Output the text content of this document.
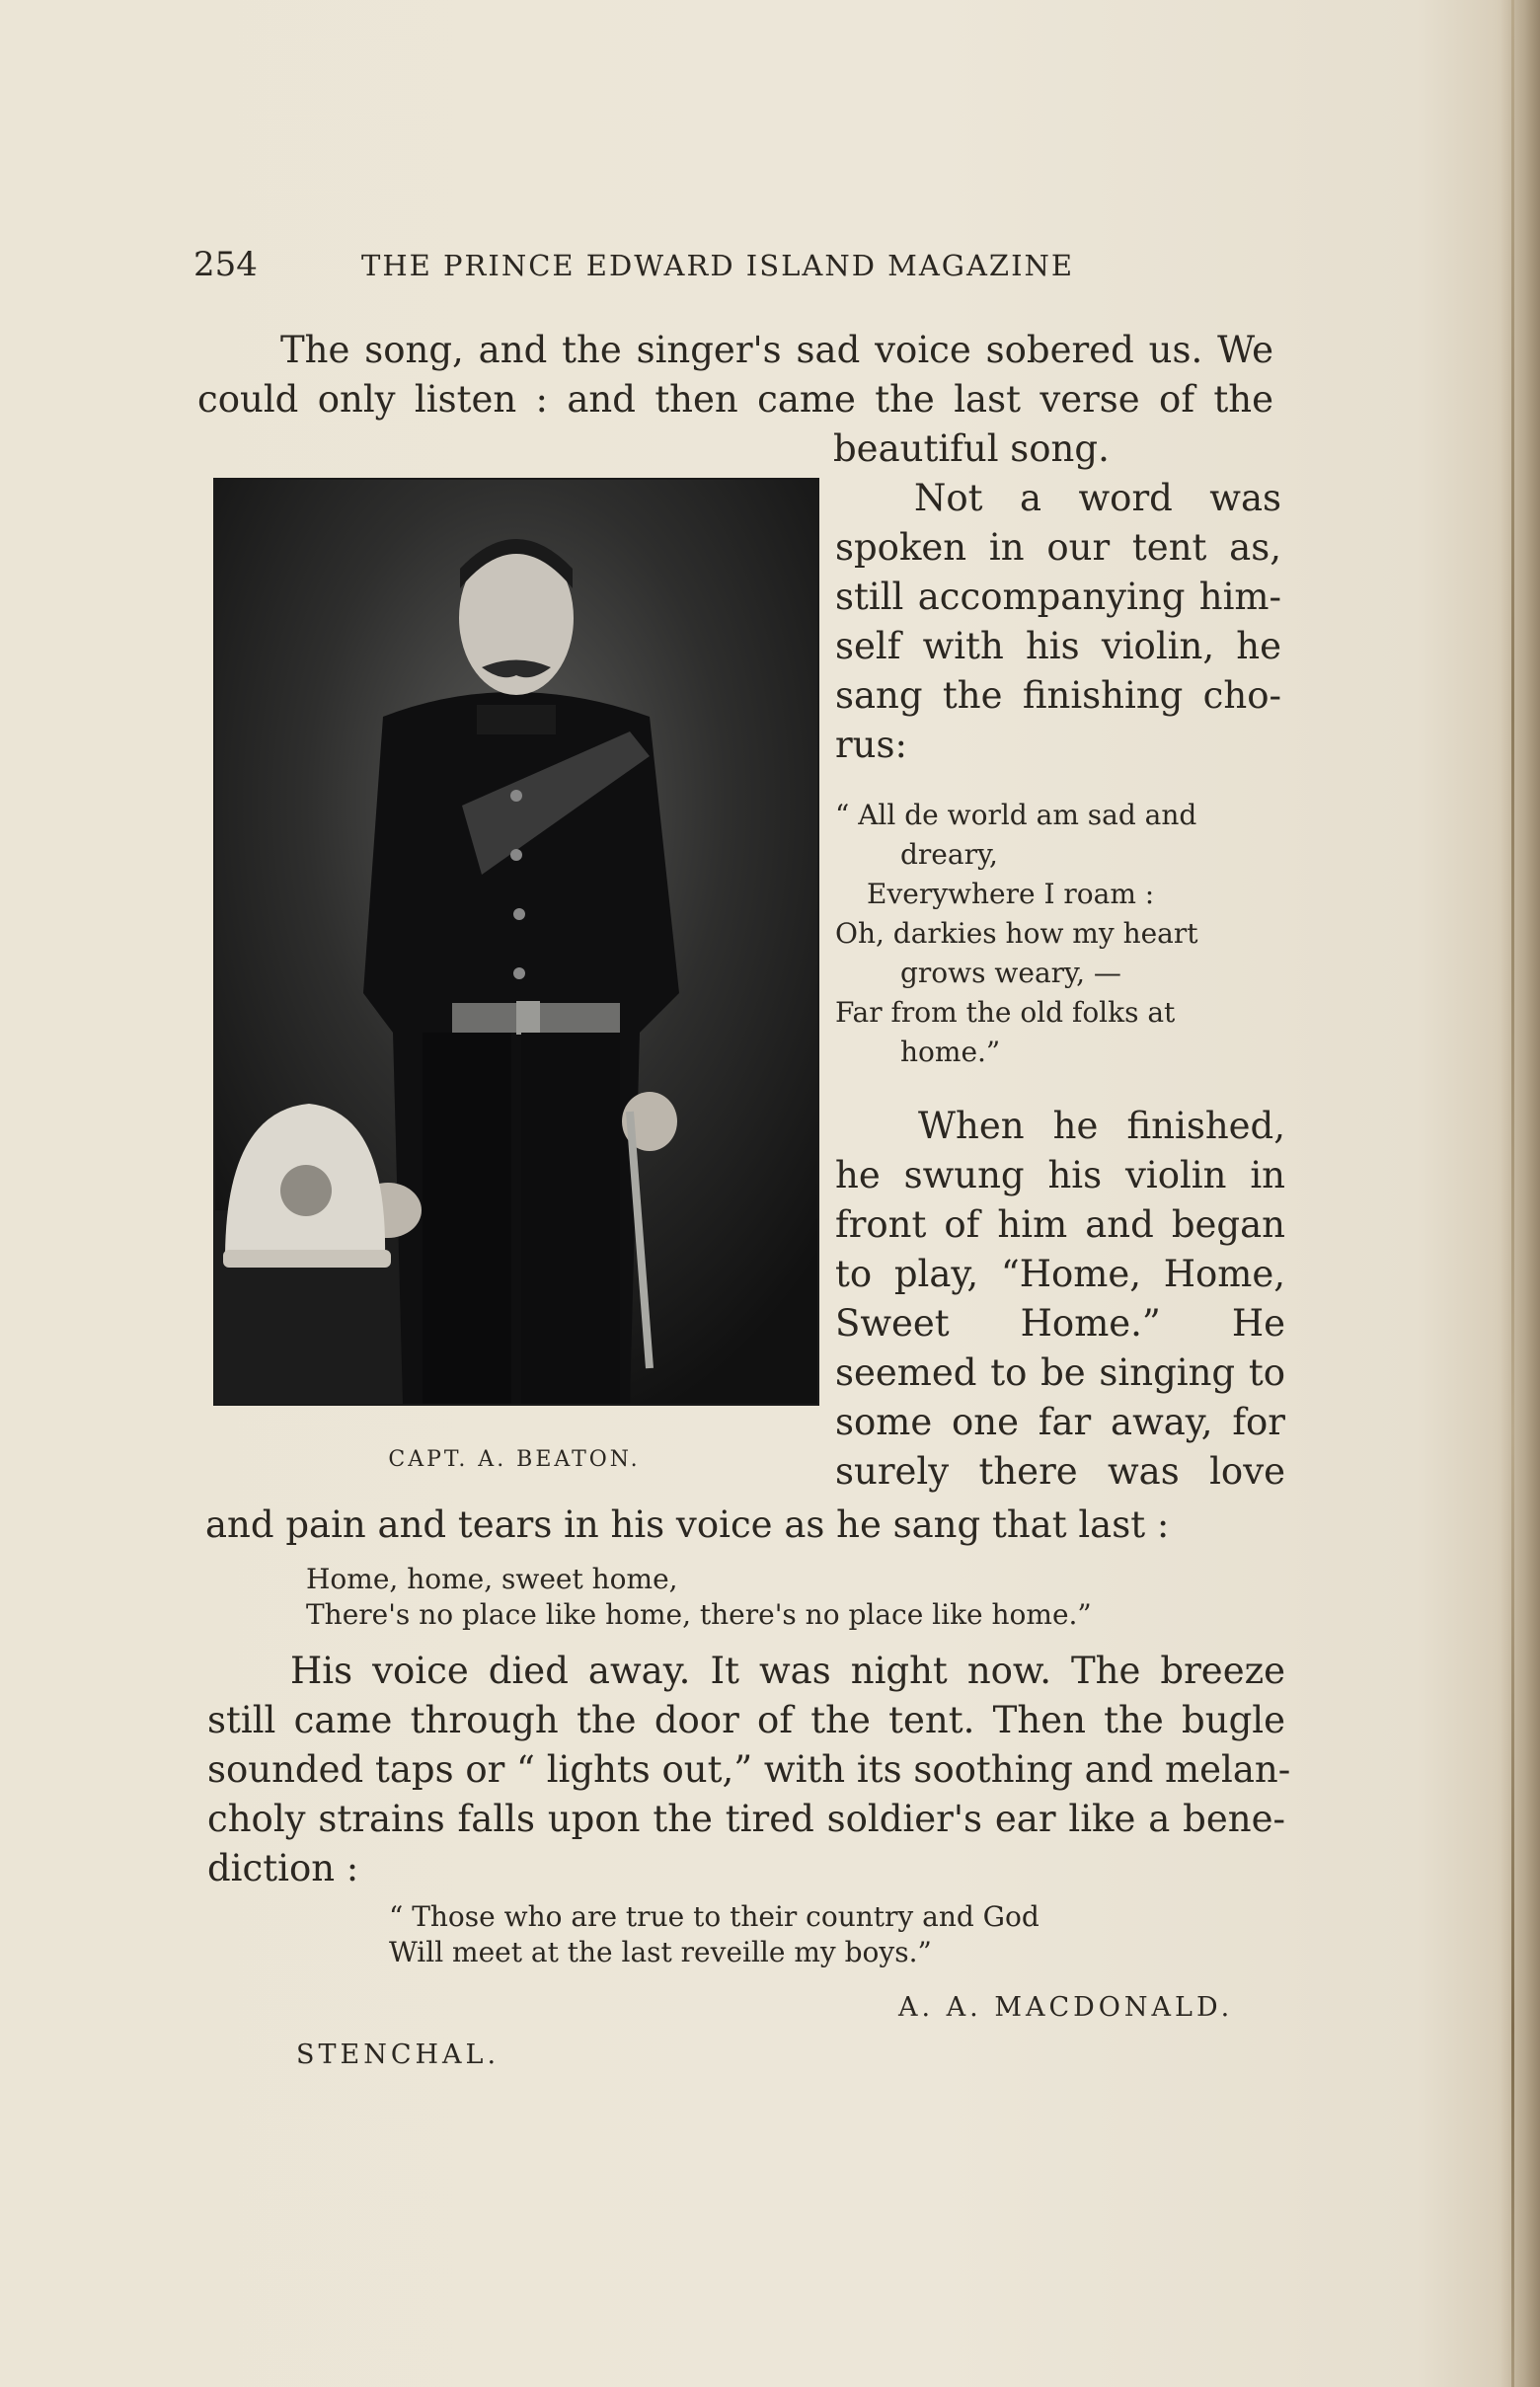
254	THE PRINCE EDWARD ISLAND MAGAZINE
The song, and the singer's sad voice sobered us. We
could only listen : and then came the last verse of the
beautiful song.
CAPT. A. BEATON.
Not a word was
spoken in our tent as,
still accompanying him-
self with his violin, he
sang the finishing cho-
rus:
“ All de world am sad and
dreary,
Everywhere I roam :
Oh, darkies how my heart
grows weary, —
Far from the old folks at
home.”
When he finished,
he swung his violin in
front of him and began
to play, “Home, Home,
Sweet Home.” He
seemed to be singing to
some one far away, for
surely there was love
and pain and tears in his voice as he sang that last :
Home, home, sweet home,
There's no place like home, there's no place like home.”
His voice died away. It was night now. The breeze
still came through the door of the tent. Then the bugle
sounded taps or “ lights out,” with its soothing and melan-
choly strains falls upon the tired soldier's ear like a bene-
diction :
“ Those who are true to their country and God
Will meet at the last reveille my boys.”
A. A. MACDONALD.
STENCHAL.
